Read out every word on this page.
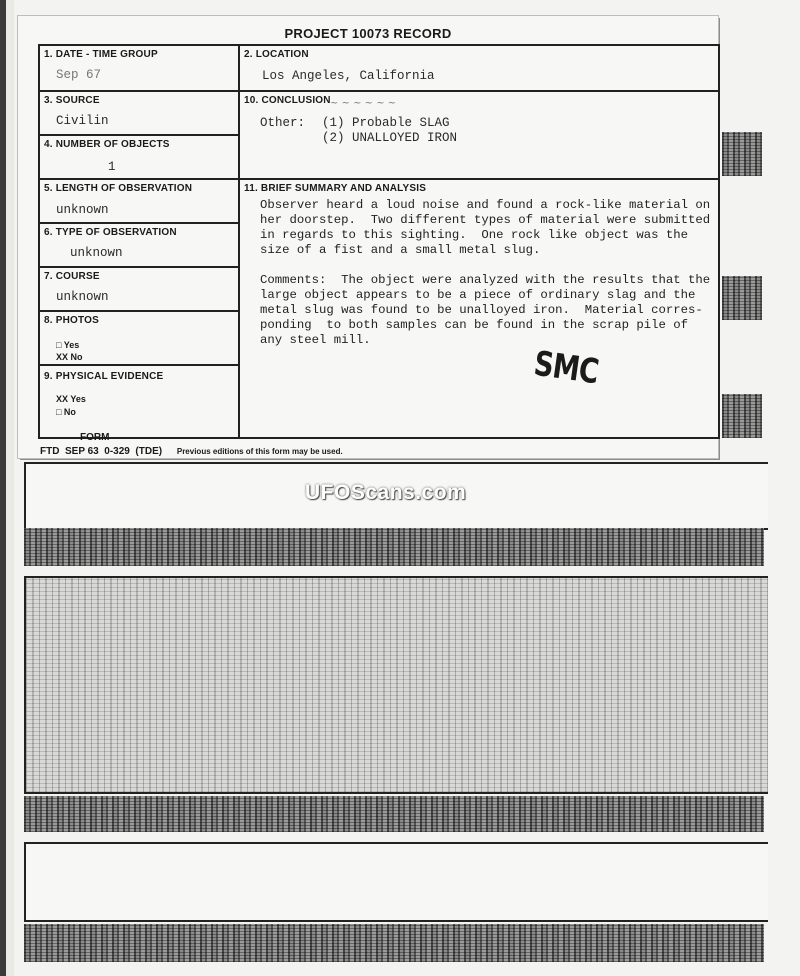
PROJECT 10073 RECORD
1. DATE - TIME GROUP
Sep 67
2. LOCATION
Los Angeles, California
3. SOURCE
Civilin
4. NUMBER OF OBJECTS
1
10. CONCLUSION
Other: (1) Probable SLAG
(2) UNALLOYED IRON
~ ~ ~ ~ ~ ~
5. LENGTH OF OBSERVATION
unknown
6. TYPE OF OBSERVATION
unknown
7. COURSE
unknown
8. PHOTOS
□ Yes
XX No
9. PHYSICAL EVIDENCE
XX Yes
□ No
11. BRIEF SUMMARY AND ANALYSIS
Observer heard a loud noise and found a rock-like material on
her doorstep.  Two different types of material were submitted
in regards to this sighting.  One rock like object was the
size of a fist and a small metal slug.

Comments:  The object were analyzed with the results that the
large object appears to be a piece of ordinary slag and the
metal slug was found to be unalloyed iron.  Material corres-
ponding  to both samples can be found in the scrap pile of
any steel mill.
SMC
FORM
FTD  SEP 63  0-329  (TDE) Previous editions of this form may be used.
UFOScans.com
